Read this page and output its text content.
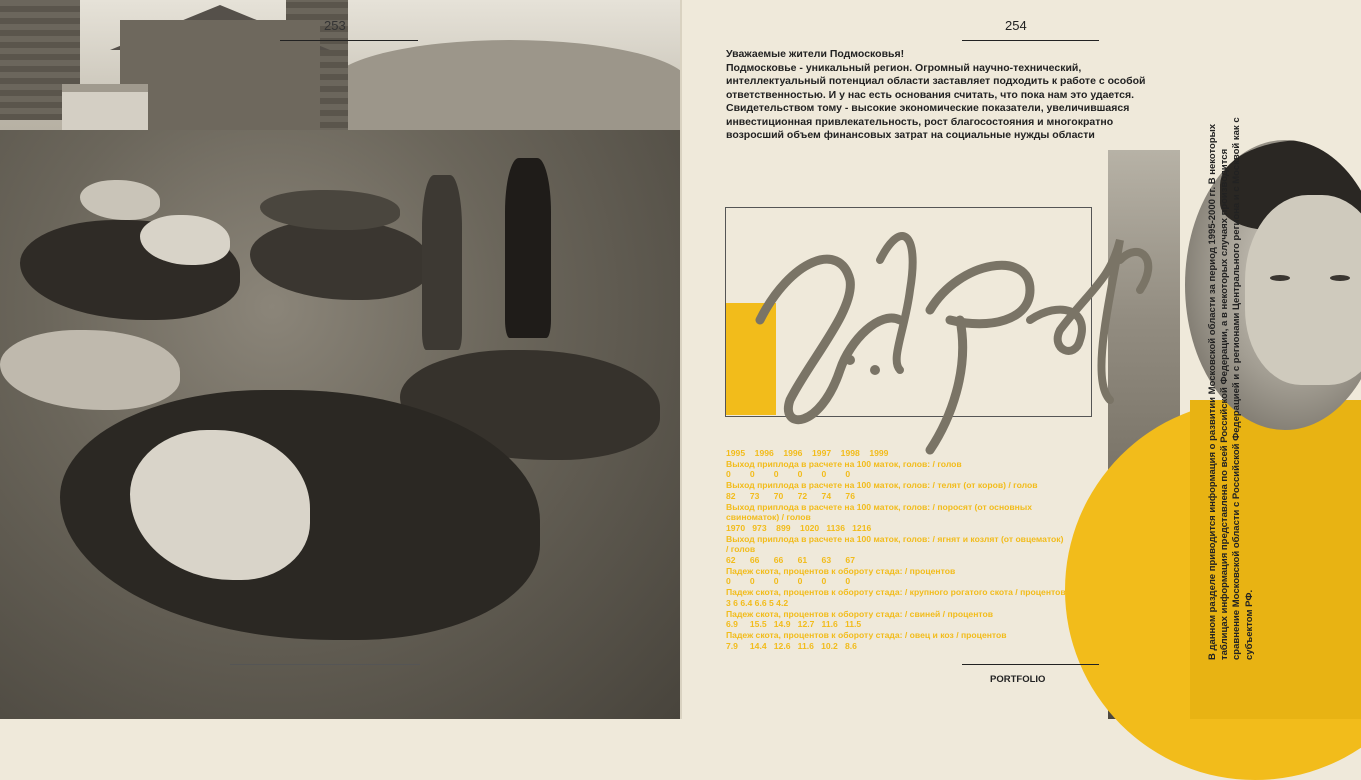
253	254
Уважаемые жители Подмосковья!
Подмосковье - уникальный регион. Огромный научно-технический, интеллектуальный потенциал области заставляет подходить к работе с особой ответственностью. И у нас есть основания считать, что пока нам это удается. Свидетельством тому - высокие экономические показатели, увеличившаяся инвестиционная привлекательность, рост благосостояния и многократно возросший объем финансовых затрат на социальные нужды области
1995    1996    1996    1997    1998    1999
Выход приплода в расчете на 100 маток, голов: / голов
0        0        0        0        0        0
Выход приплода в расчете на 100 маток, голов: / телят (от коров) / голов
82      73      70      72      74      76
Выход приплода в расчете на 100 маток, голов: / поросят (от основных свиноматок) / голов
1970   973    899    1020   1136   1216
Выход приплода в расчете на 100 маток, голов: / ягнят и козлят (от овцематок) / голов
62      66      66      61      63      67
Падеж скота, процентов к обороту стада: / процентов
0        0        0        0        0        0
Падеж скота, процентов к обороту стада: / крупного рогатого скота / процентов 3 6 6.4 6.6 5 4.2
Падеж скота, процентов к обороту стада: / свиней / процентов
6.9     15.5   14.9   12.7   11.6   11.5
Падеж скота, процентов к обороту стада: / овец и коз / процентов
7.9     14.4   12.6   11.6   10.2   8.6
PORTFOLIO
В данном разделе приводится информация о развитии Московской области за период 1995-2000 гг. В некоторых таблицах информация представлена по всей Российской Федерации, а в некоторых случаях производится сравнение Московской области с Российской Федерацией и с регионами Центрального региона и с Москвой как с субъектом РФ.
